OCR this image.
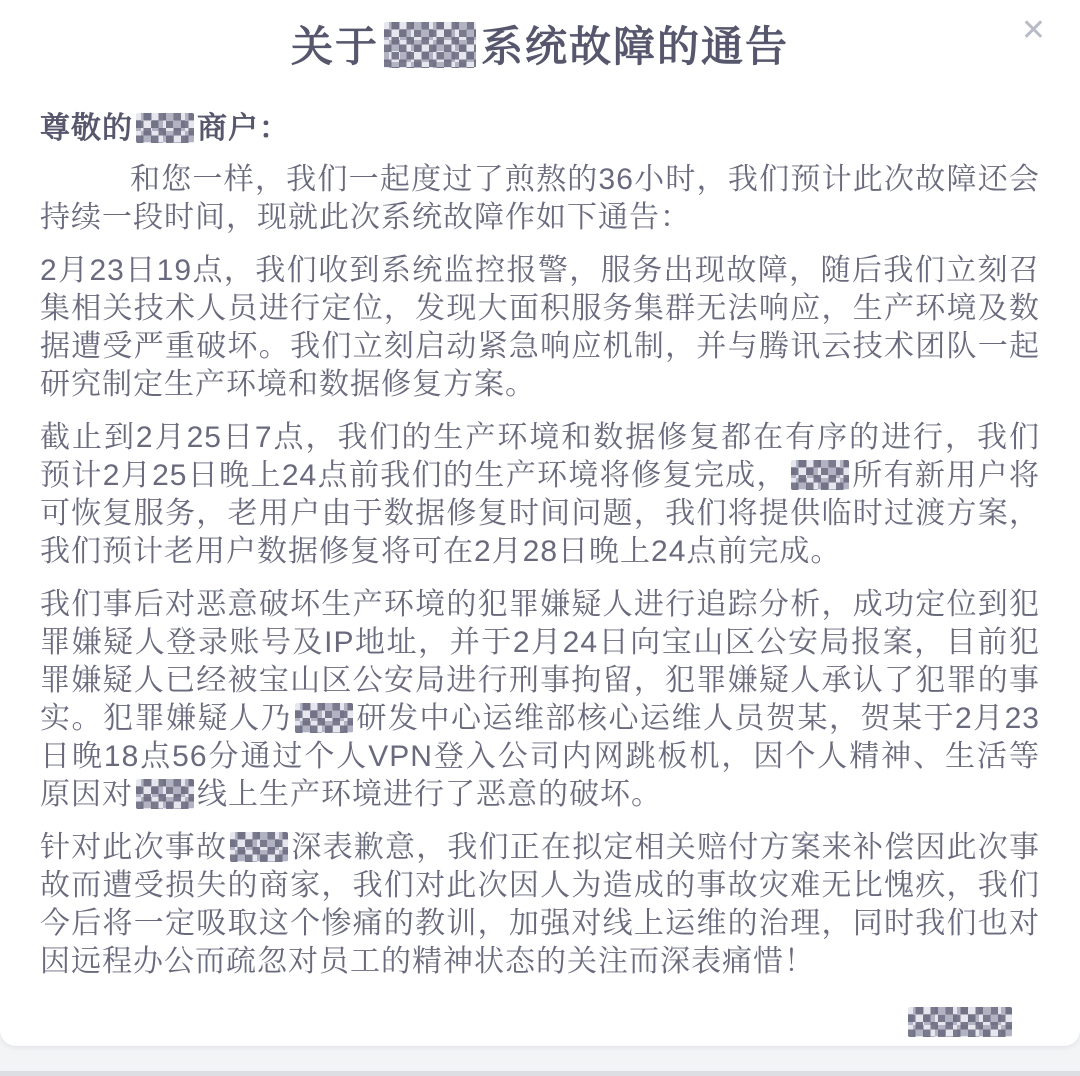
✕
关于 系统故障的通告

尊敬的 商户：

和您一样，我们一起度过了煎熬的36小时，我们预计此次故障还会持续一段时间，现就此次系统故障作如下通告：

2月23日19点，我们收到系统监控报警，服务出现故障，随后我们立刻召集相关技术人员进行定位，发现大面积服务集群无法响应，生产环境及数据遭受严重破坏。我们立刻启动紧急响应机制，并与腾讯云技术团队一起研究制定生产环境和数据修复方案。

截止到2月25日7点，我们的生产环境和数据修复都在有序的进行，我们预计2月25日晚上24点前我们的生产环境将修复完成， 所有新用户将可恢复服务，老用户由于数据修复时间问题，我们将提供临时过渡方案，我们预计老用户数据修复将可在2月28日晚上24点前完成。

我们事后对恶意破坏生产环境的犯罪嫌疑人进行追踪分析，成功定位到犯罪嫌疑人登录账号及IP地址，并于2月24日向宝山区公安局报案，目前犯罪嫌疑人已经被宝山区公安局进行刑事拘留，犯罪嫌疑人承认了犯罪的事实。犯罪嫌疑人乃 研发中心运维部核心运维人员贺某，贺某于2月23日晚18点56分通过个人VPN登入公司内网跳板机，因个人精神、生活等原因对 线上生产环境进行了恶意的破坏。

针对此次事故 深表歉意，我们正在拟定相关赔付方案来补偿因此次事故而遭受损失的商家，我们对此次因人为造成的事故灾难无比愧疚，我们今后将一定吸取这个惨痛的教训，加强对线上运维的治理，同时我们也对因远程办公而疏忽对员工的精神状态的关注而深表痛惜！
